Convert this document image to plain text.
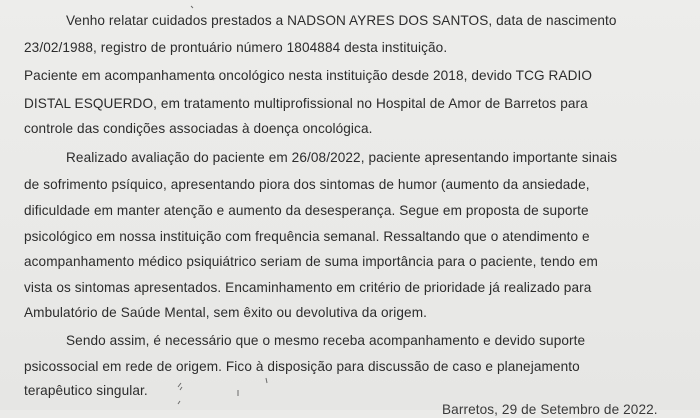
Venho relatar cuidados prestados a NADSON AYRES DOS SANTOS, data de nascimento
23/02/1988, registro de prontuário número 1804884 desta instituição.
Paciente em acompanhamento oncológico nesta instituição desde 2018, devido TCG RADIO
DISTAL ESQUERDO, em tratamento multiprofissional no Hospital de Amor de Barretos para
controle das condições associadas à doença oncológica.
Realizado avaliação do paciente em 26/08/2022, paciente apresentando importante sinais
de sofrimento psíquico, apresentando piora dos sintomas de humor (aumento da ansiedade,
dificuldade em manter atenção e aumento da desesperança. Segue em proposta de suporte
psicológico em nossa instituição com frequência semanal. Ressaltando que o atendimento e
acompanhamento médico psiquiátrico seriam de suma importância para o paciente, tendo em
vista os sintomas apresentados. Encaminhamento em critério de prioridade já realizado para
Ambulatório de Saúde Mental, sem êxito ou devolutiva da origem.
Sendo assim, é necessário que o mesmo receba acompanhamento e devido suporte
psicossocial em rede de origem. Fico à disposição para discussão de caso e planejamento
terapêutico singular.
Barretos, 29 de Setembro de 2022.
